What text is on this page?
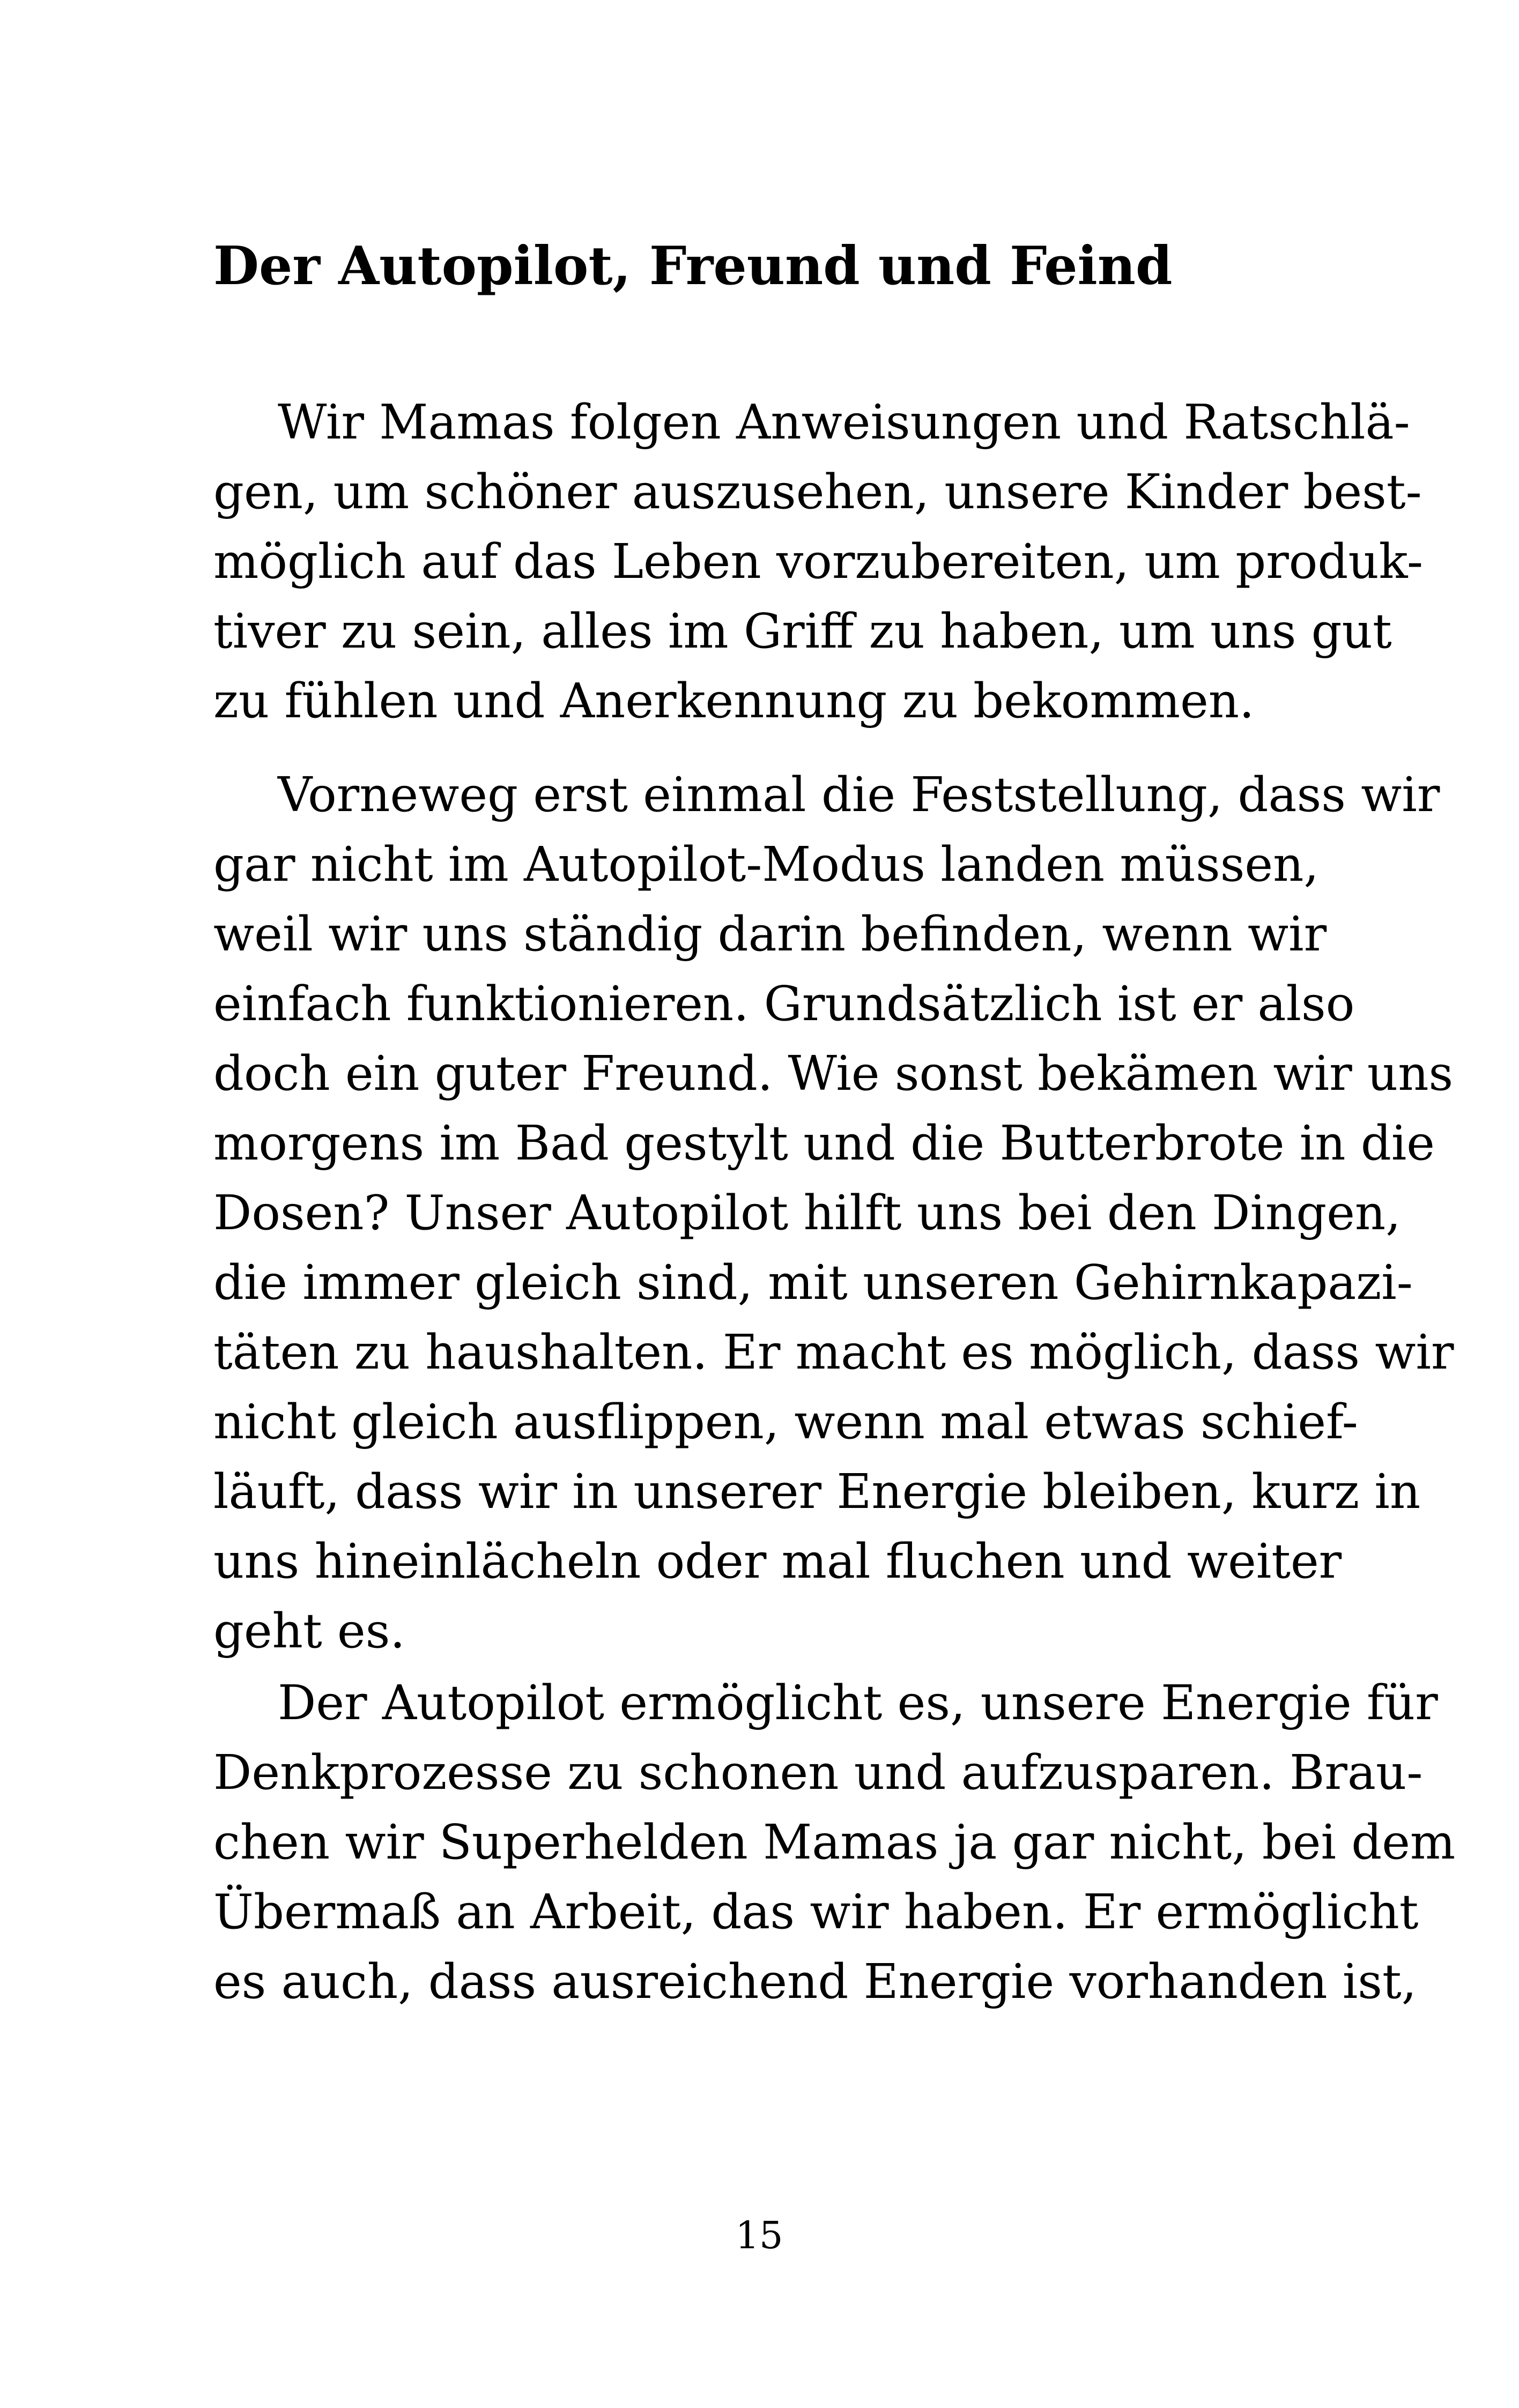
Der Autopilot, Freund und Feind
Wir Mamas folgen Anweisungen und Ratschlä-
gen, um schöner auszusehen, unsere Kinder best-
möglich auf das Leben vorzubereiten, um produk-
tiver zu sein, alles im Griff zu haben, um uns gut
zu fühlen und Anerkennung zu bekommen.
Vorneweg erst einmal die Feststellung, dass wir
gar nicht im Autopilot-Modus landen müssen,
weil wir uns ständig darin befinden, wenn wir
einfach funktionieren. Grundsätzlich ist er also
doch ein guter Freund. Wie sonst bekämen wir uns
morgens im Bad gestylt und die Butterbrote in die
Dosen? Unser Autopilot hilft uns bei den Dingen,
die immer gleich sind, mit unseren Gehirnkapazi-
täten zu haushalten. Er macht es möglich, dass wir
nicht gleich ausflippen, wenn mal etwas schief-
läuft, dass wir in unserer Energie bleiben, kurz in
uns hineinlächeln oder mal fluchen und weiter
geht es.
Der Autopilot ermöglicht es, unsere Energie für
Denkprozesse zu schonen und aufzusparen. Brau-
chen wir Superhelden Mamas ja gar nicht, bei dem
Übermaß an Arbeit, das wir haben. Er ermöglicht
es auch, dass ausreichend Energie vorhanden ist,
15
